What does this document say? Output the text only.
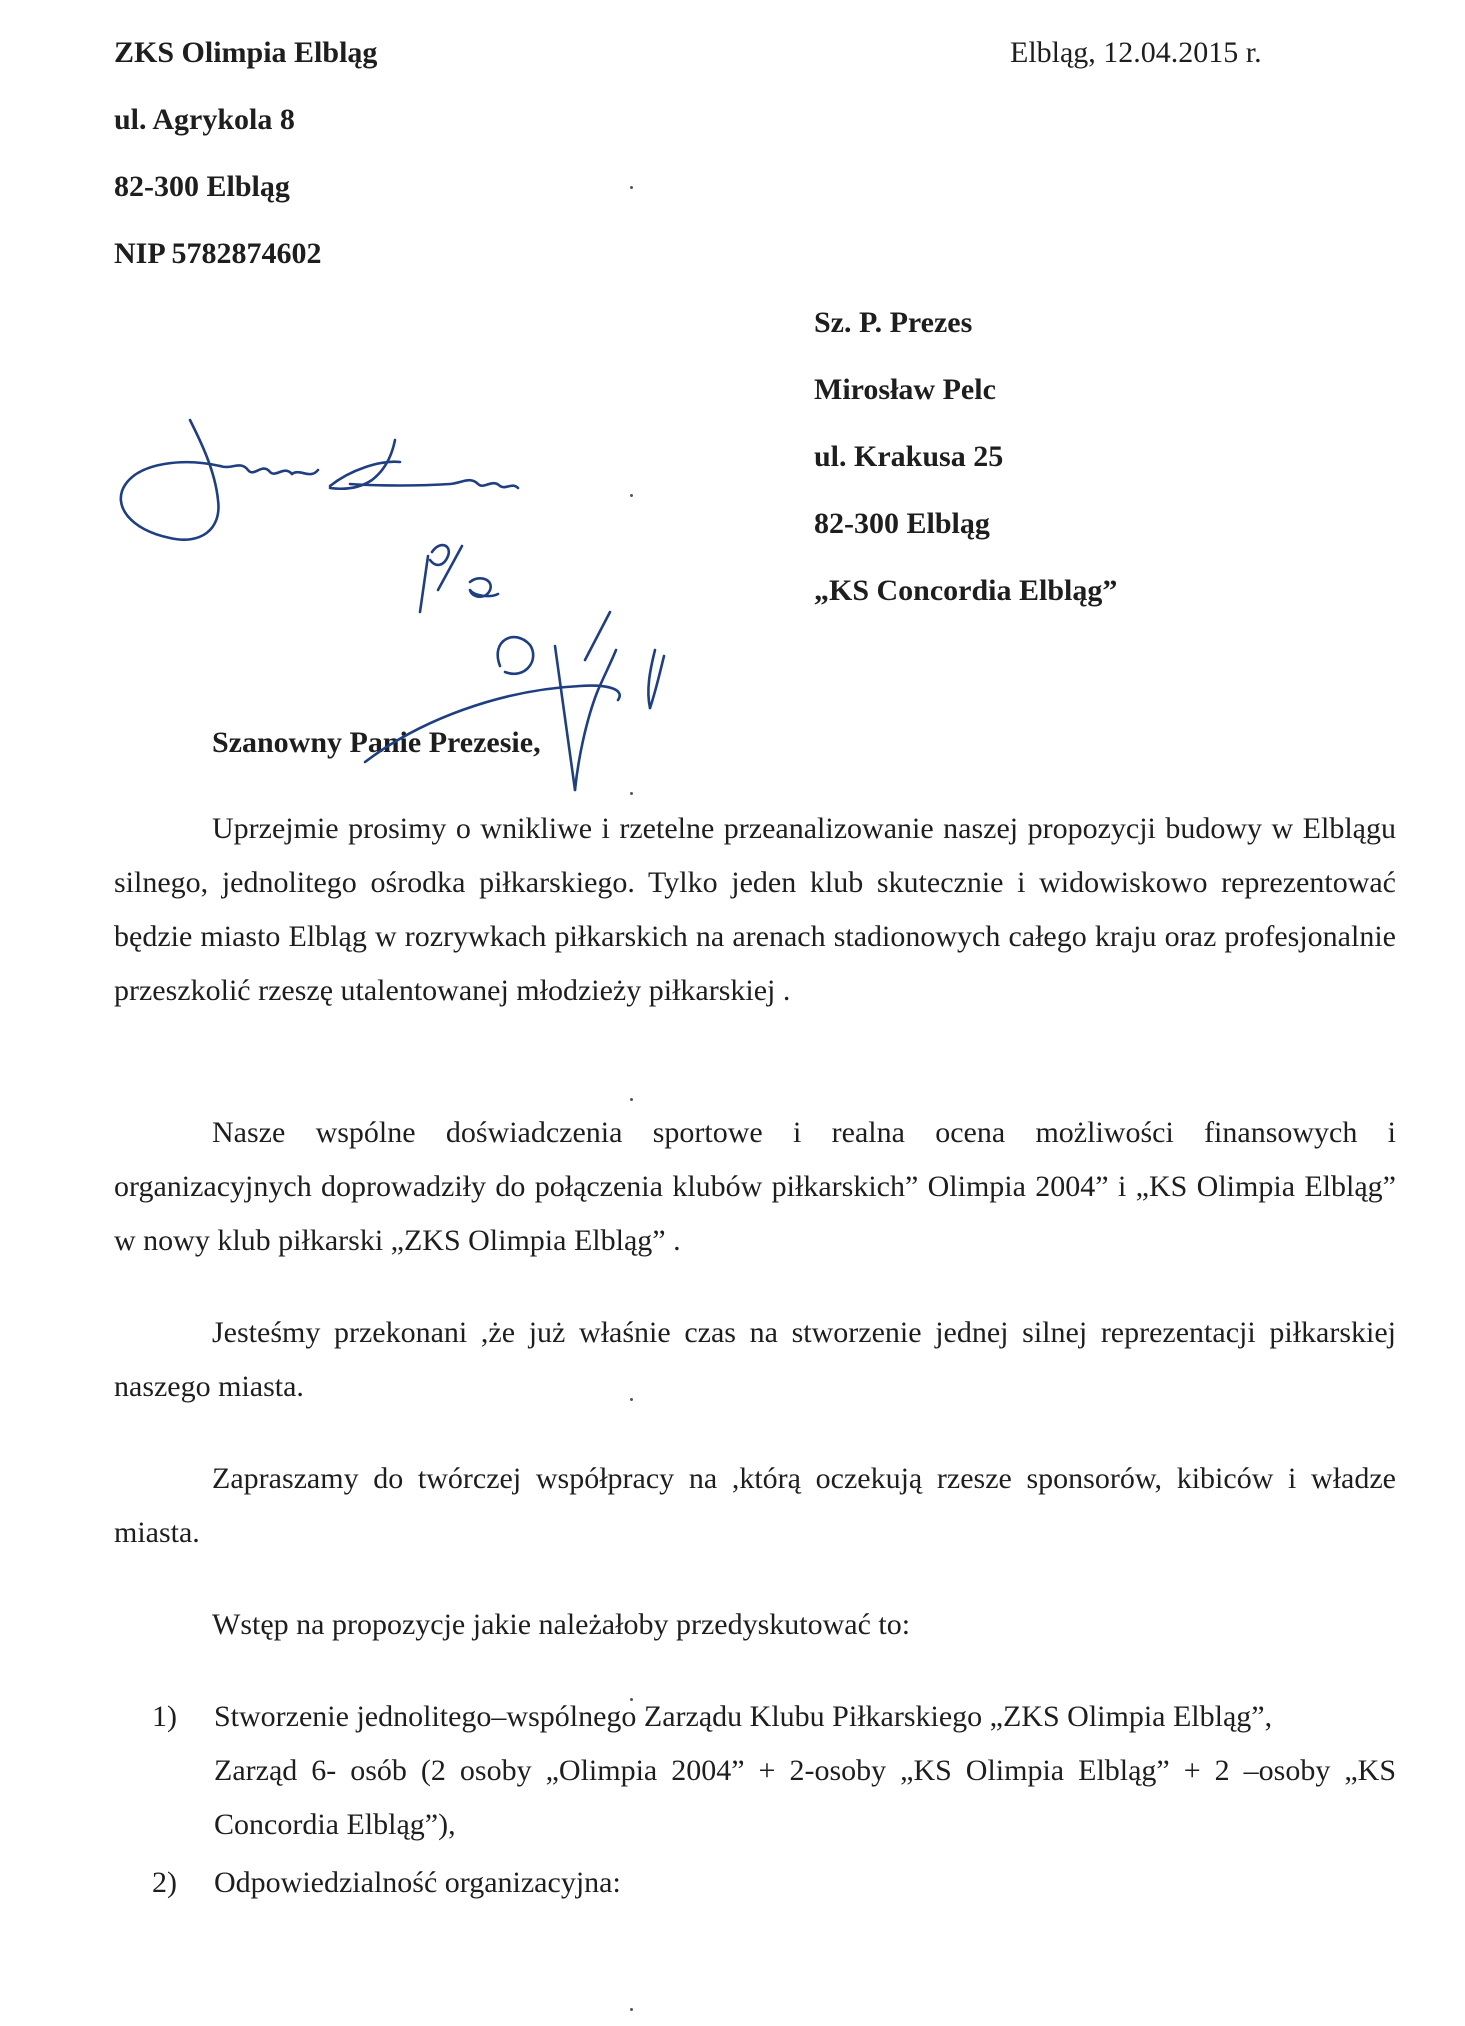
ZKS Olimpia Elbląg
ul. Agrykola 8
82-300 Elbląg
NIP 5782874602
Elbląg, 12.04.2015 r.
Sz. P. Prezes
Mirosław Pelc
ul. Krakusa 25
82-300 Elbląg
„KS Concordia Elbląg”
Szanowny Panie Prezesie,

Uprzejmie prosimy o wnikliwe i rzetelne przeanalizowanie naszej propozycji budowy w Elblągu silnego, jednolitego ośrodka piłkarskiego. Tylko jeden klub skutecznie i widowiskowo reprezentować będzie miasto Elbląg w rozrywkach piłkarskich na arenach stadionowych całego kraju oraz profesjonalnie przeszkolić rzeszę utalentowanej młodzieży piłkarskiej .

Nasze wspólne doświadczenia sportowe i realna ocena możliwości finansowych i organizacyjnych doprowadziły do połączenia klubów piłkarskich” Olimpia 2004” i „KS Olimpia Elbląg” w nowy klub piłkarski „ZKS Olimpia Elbląg” .

Jesteśmy przekonani ,że już właśnie czas na stworzenie jednej silnej reprezentacji piłkarskiej naszego miasta.

Zapraszamy do twórczej współpracy na ,którą oczekują rzesze sponsorów, kibiców i władze miasta.

Wstęp na propozycje jakie należałoby przedyskutować to:

1) Stworzenie jednolitego–wspólnego Zarządu Klubu Piłkarskiego „ZKS Olimpia Elbląg”,
Zarząd 6- osób (2 osoby „Olimpia 2004” + 2-osoby „KS Olimpia Elbląg” + 2 –osoby „KS Concordia Elbląg”),
2) Odpowiedzialność organizacyjna:
